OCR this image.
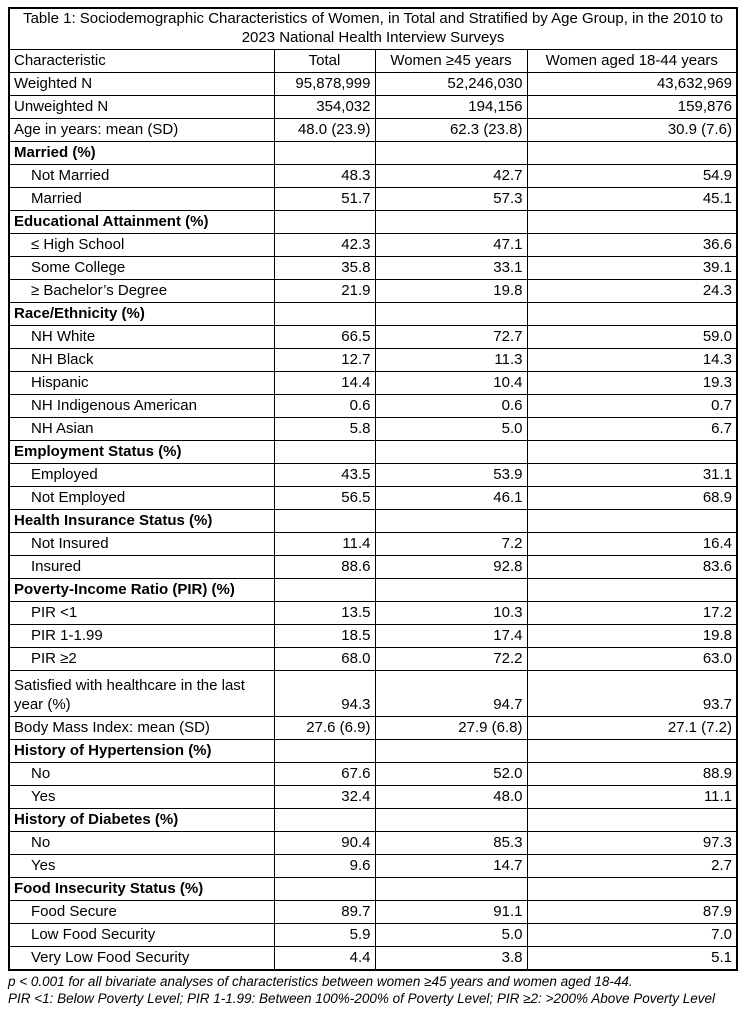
Table 1: Sociodemographic Characteristics of Women, in Total and Stratified by Age Group, in the 2010 to 2023 National Health Interview Surveys			
Characteristic	Total	Women ≥45 years	Women aged 18-44 years
Weighted N	95,878,999	52,246,030	43,632,969
Unweighted N	354,032	194,156	159,876
Age in years: mean (SD)	48.0 (23.9)	62.3 (23.8)	30.9 (7.6)
Married (%)			
Not Married	48.3	42.7	54.9
Married	51.7	57.3	45.1
Educational Attainment (%)			
≤ High School	42.3	47.1	36.6
Some College	35.8	33.1	39.1
≥ Bachelor’s Degree	21.9	19.8	24.3
Race/Ethnicity (%)			
NH White	66.5	72.7	59.0
NH Black	12.7	11.3	14.3
Hispanic	14.4	10.4	19.3
NH Indigenous American	0.6	0.6	0.7
NH Asian	5.8	5.0	6.7
Employment Status (%)			
Employed	43.5	53.9	31.1
Not Employed	56.5	46.1	68.9
Health Insurance Status (%)			
Not Insured	11.4	7.2	16.4
Insured	88.6	92.8	83.6
Poverty-Income Ratio (PIR) (%)			
PIR <1	13.5	10.3	17.2
PIR 1-1.99	18.5	17.4	19.8
PIR ≥2	68.0	72.2	63.0
Satisfied with healthcare in the last year (%)	94.3	94.7	93.7
Body Mass Index: mean (SD)	27.6 (6.9)	27.9 (6.8)	27.1 (7.2)
History of Hypertension (%)			
No	67.6	52.0	88.9
Yes	32.4	48.0	11.1
History of Diabetes (%)			
No	90.4	85.3	97.3
Yes	9.6	14.7	2.7
Food Insecurity Status (%)			
Food Secure	89.7	91.1	87.9
Low Food Security	5.9	5.0	7.0
Very Low Food Security	4.4	3.8	5.1
p < 0.001 for all bivariate analyses of characteristics between women ≥45 years and women aged 18-44.
PIR <1: Below Poverty Level; PIR 1-1.99: Between 100%-200% of Poverty Level; PIR ≥2: >200% Above Poverty Level
